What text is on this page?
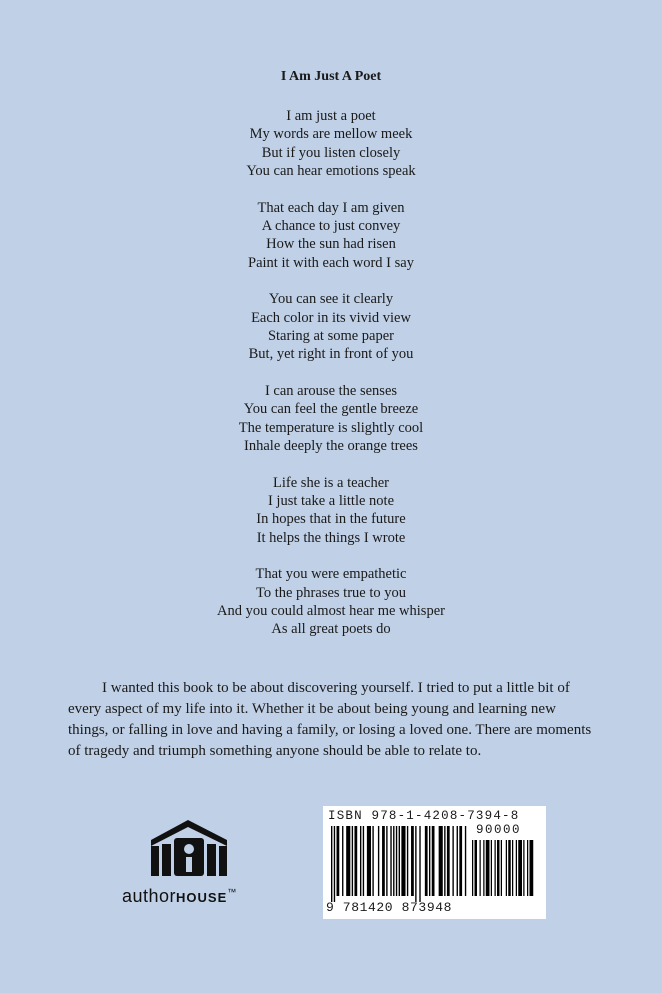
I Am Just A Poet
I am just a poet
My words are mellow meek
But if you listen closely
You can hear emotions speak
That each day I am given
A chance to just convey
How the sun had risen
Paint it with each word I say
You can see it clearly
Each color in its vivid view
Staring at some paper
But, yet right in front of you
I can arouse the senses
You can feel the gentle breeze
The temperature is slightly cool
Inhale deeply the orange trees
Life she is a teacher
I just take a little note
In hopes that in the future
It helps the things I wrote
That you were empathetic
To the phrases true to you
And you could almost hear me whisper
As all great poets do
I wanted this book to be about discovering yourself. I tried to put a little bit of every aspect of my life into it. Whether it be about being young and learning new things, or falling in love and having a family, or losing a loved one. There are moments of tragedy and triumph something anyone should be able to relate to.
authorHOUSE™
ISBN 978-1-4208-7394-8
90000
9 781420 873948
